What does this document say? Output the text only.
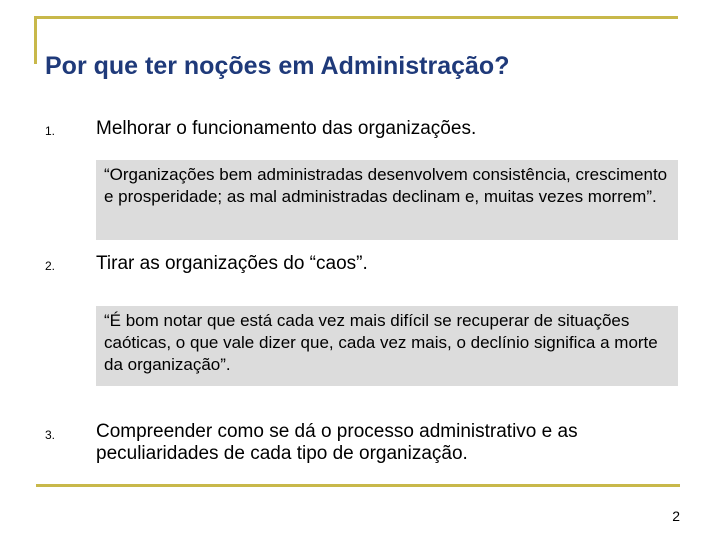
Por que ter noções em Administração?
1. Melhorar o funcionamento das organizações.
“Organizações bem administradas desenvolvem consistência, crescimento e prosperidade; as mal administradas declinam e, muitas vezes morrem”.
2. Tirar as organizações do “caos”.
“É bom notar que está cada vez mais difícil se recuperar de situações caóticas, o que vale dizer que, cada vez mais, o declínio significa a morte da organização”.
3. Compreender como se dá o processo administrativo e as peculiaridades de cada tipo de organização.
2
